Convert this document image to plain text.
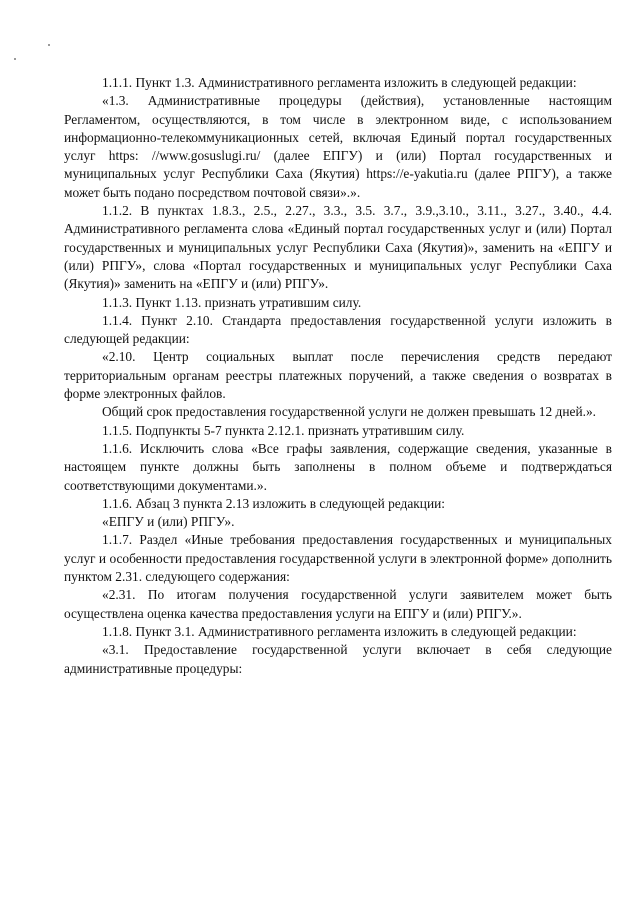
1.1.1. Пункт 1.3. Административного регламента изложить в следующей редакции:

«1.3. Административные процедуры (действия), установленные настоящим Регламентом, осуществляются, в том числе в электронном виде, с использованием информационно-телекоммуникационных сетей, включая Единый портал государственных услуг https: //www.gosuslugi.ru/ (далее ЕПГУ) и (или) Портал государственных и муниципальных услуг Республики Саха (Якутия) https://e-yakutia.ru (далее РПГУ), а также может быть подано посредством почтовой связи».».

1.1.2. В пунктах 1.8.3., 2.5., 2.27., 3.3., 3.5. 3.7., 3.9.,3.10., 3.11., 3.27., 3.40., 4.4. Административного регламента слова «Единый портал государственных услуг и (или) Портал государственных и муниципальных услуг Республики Саха (Якутия)», заменить на «ЕПГУ и (или) РПГУ», слова «Портал государственных и муниципальных услуг Республики Саха (Якутия)» заменить на «ЕПГУ и (или) РПГУ».

1.1.3. Пункт 1.13. признать утратившим силу.

1.1.4. Пункт 2.10. Стандарта предоставления государственной услуги изложить в следующей редакции:

«2.10. Центр социальных выплат после перечисления средств передают территориальным органам реестры платежных поручений, а также сведения о возвратах в форме электронных файлов.

Общий срок предоставления государственной услуги не должен превышать 12 дней.».

1.1.5. Подпункты 5-7 пункта 2.12.1. признать утратившим силу.

1.1.6. Исключить слова «Все графы заявления, содержащие сведения, указанные в настоящем пункте должны быть заполнены в полном объеме и подтверждаться соответствующими документами.».

1.1.6. Абзац 3 пункта 2.13 изложить в следующей редакции:

«ЕПГУ и (или) РПГУ».

1.1.7. Раздел «Иные требования предоставления государственных и муниципальных услуг и особенности предоставления государственной услуги в электронной форме» дополнить пунктом 2.31. следующего содержания:

«2.31. По итогам получения государственной услуги заявителем может быть осуществлена оценка качества предоставления услуги на ЕПГУ и (или) РПГУ.».

1.1.8. Пункт 3.1. Административного регламента изложить в следующей редакции:

«3.1. Предоставление государственной услуги включает в себя следующие административные процедуры:
